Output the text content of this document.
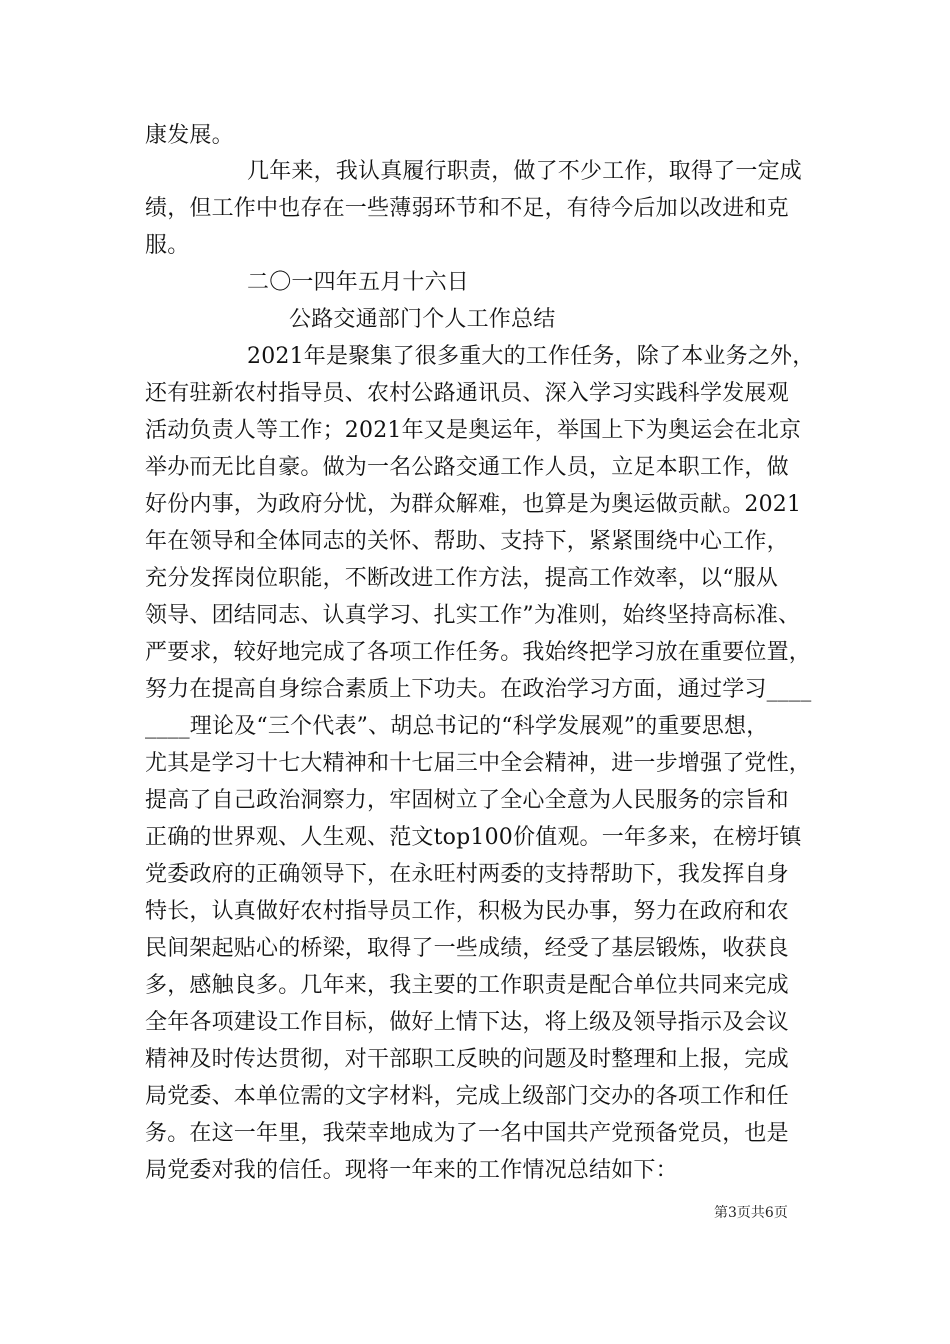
康发展。
几年来，我认真履行职责，做了不少工作，取得了一定成
绩，但工作中也存在一些薄弱环节和不足，有待今后加以改进和克
服。
二〇一四年五月十六日
公路交通部门个人工作总结
2021年是聚集了很多重大的工作任务，除了本业务之外，
还有驻新农村指导员、农村公路通讯员、深入学习实践科学发展观
活动负责人等工作；2021年又是奥运年，举国上下为奥运会在北京
举办而无比自豪。做为一名公路交通工作人员，立足本职工作，做
好份内事，为政府分忧，为群众解难，也算是为奥运做贡献。2021
年在领导和全体同志的关怀、帮助、支持下，紧紧围绕中心工作，
充分发挥岗位职能，不断改进工作方法，提高工作效率，以“服从
领导、团结同志、认真学习、扎实工作”为准则，始终坚持高标准、
严要求，较好地完成了各项工作任务。我始终把学习放在重要位置，
努力在提高自身综合素质上下功夫。在政治学习方面，通过学习____
____理论及“三个代表”、胡总书记的“科学发展观”的重要思想，
尤其是学习十七大精神和十七届三中全会精神，进一步增强了党性，
提高了自己政治洞察力，牢固树立了全心全意为人民服务的宗旨和
正确的世界观、人生观、范文top100价值观。一年多来，在榜圩镇
党委政府的正确领导下，在永旺村两委的支持帮助下，我发挥自身
特长，认真做好农村指导员工作，积极为民办事，努力在政府和农
民间架起贴心的桥梁，取得了一些成绩，经受了基层锻炼，收获良
多，感触良多。几年来，我主要的工作职责是配合单位共同来完成
全年各项建设工作目标，做好上情下达，将上级及领导指示及会议
精神及时传达贯彻，对干部职工反映的问题及时整理和上报，完成
局党委、本单位需的文字材料，完成上级部门交办的各项工作和任
务。在这一年里，我荣幸地成为了一名中国共产党预备党员，也是
局党委对我的信任。现将一年来的工作情况总结如下：
第3页共6页
